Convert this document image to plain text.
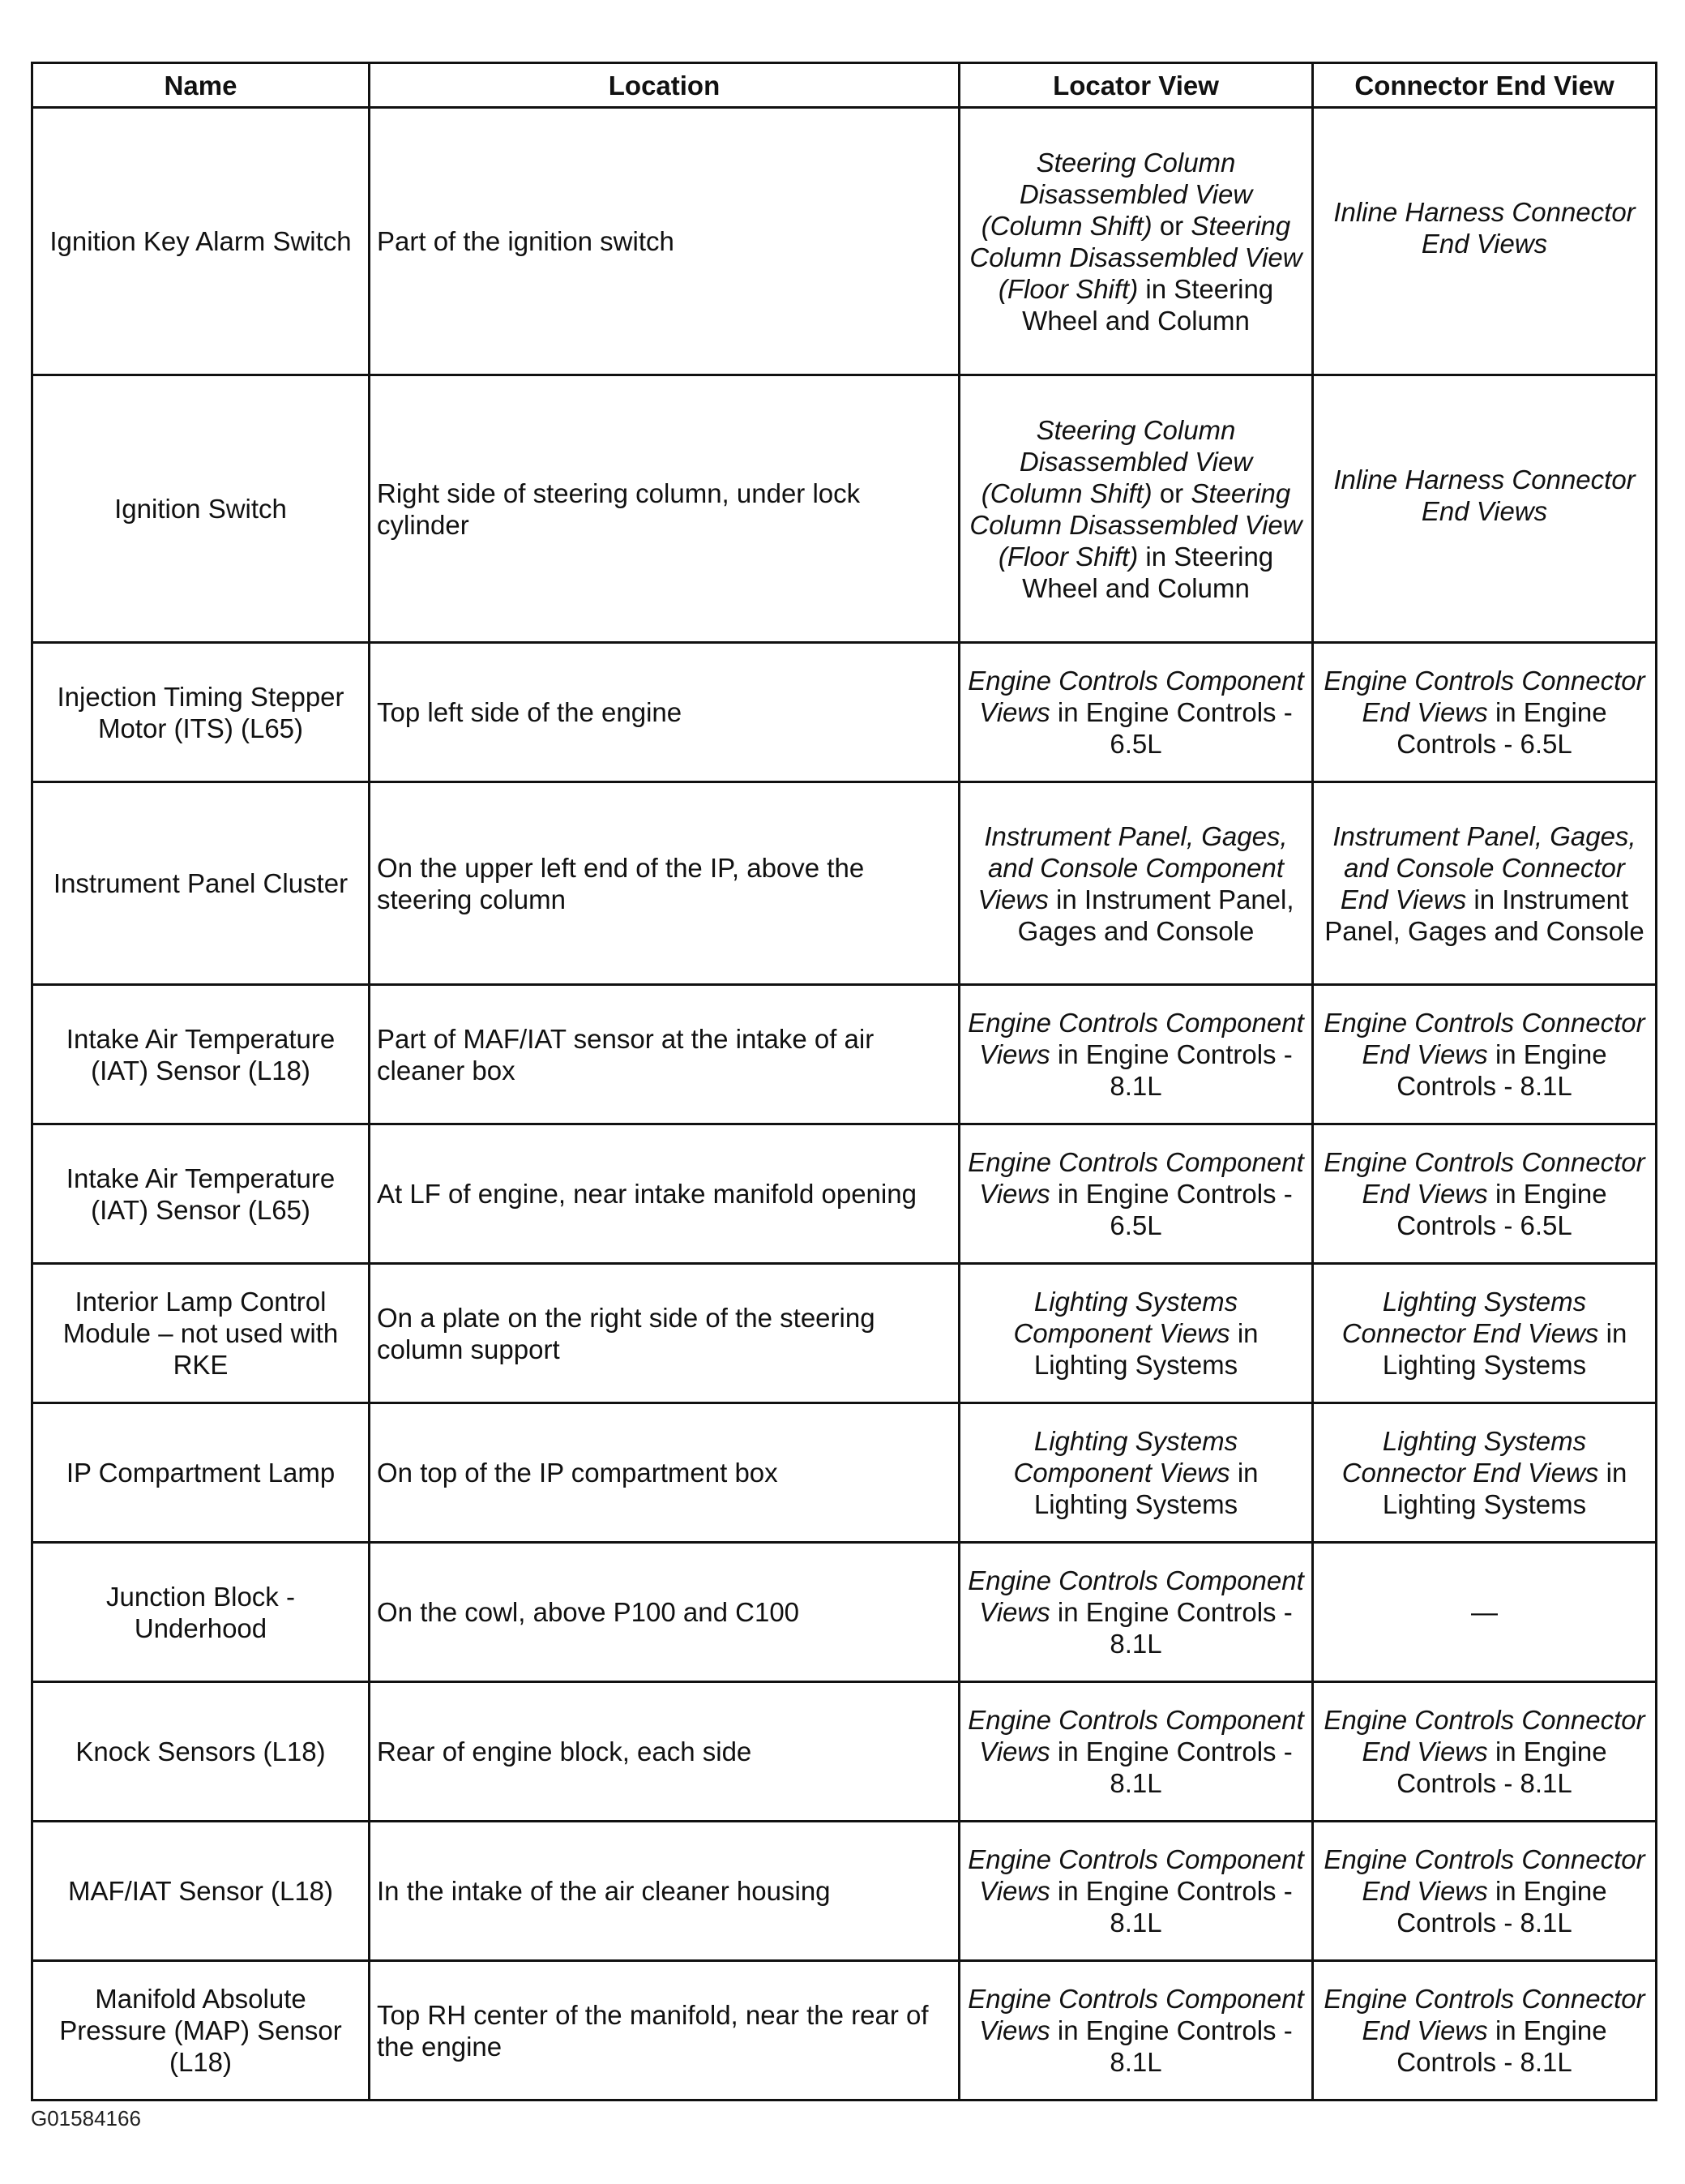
Name	Location	Locator View	Connector End View
Ignition Key Alarm Switch	Part of the ignition switch	Steering Column Disassembled View (Column Shift) or Steering Column Disassembled View (Floor Shift) in Steering Wheel and Column	Inline Harness Connector End Views
Ignition Switch	Right side of steering column, under lock cylinder	Steering Column Disassembled View (Column Shift) or Steering Column Disassembled View (Floor Shift) in Steering Wheel and Column	Inline Harness Connector End Views
Injection Timing Stepper Motor (ITS) (L65)	Top left side of the engine	Engine Controls Component Views in Engine Controls - 6.5L	Engine Controls Connector End Views in Engine Controls - 6.5L
Instrument Panel Cluster	On the upper left end of the IP, above the steering column	Instrument Panel, Gages, and Console Component Views in Instrument Panel, Gages and Console	Instrument Panel, Gages, and Console Connector End Views in Instrument Panel, Gages and Console
Intake Air Temperature (IAT) Sensor (L18)	Part of MAF/IAT sensor at the intake of air cleaner box	Engine Controls Component Views in Engine Controls - 8.1L	Engine Controls Connector End Views in Engine Controls - 8.1L
Intake Air Temperature (IAT) Sensor (L65)	At LF of engine, near intake manifold opening	Engine Controls Component Views in Engine Controls - 6.5L	Engine Controls Connector End Views in Engine Controls - 6.5L
Interior Lamp Control Module – not used with RKE	On a plate on the right side of the steering column support	Lighting Systems Component Views in Lighting Systems	Lighting Systems Connector End Views in Lighting Systems
IP Compartment Lamp	On top of the IP compartment box	Lighting Systems Component Views in Lighting Systems	Lighting Systems Connector End Views in Lighting Systems
Junction Block - Underhood	On the cowl, above P100 and C100	Engine Controls Component Views in Engine Controls - 8.1L	—
Knock Sensors (L18)	Rear of engine block, each side	Engine Controls Component Views in Engine Controls - 8.1L	Engine Controls Connector End Views in Engine Controls - 8.1L
MAF/IAT Sensor (L18)	In the intake of the air cleaner housing	Engine Controls Component Views in Engine Controls - 8.1L	Engine Controls Connector End Views in Engine Controls - 8.1L
Manifold Absolute Pressure (MAP) Sensor (L18)	Top RH center of the manifold, near the rear of the engine	Engine Controls Component Views in Engine Controls - 8.1L	Engine Controls Connector End Views in Engine Controls - 8.1L
G01584166
